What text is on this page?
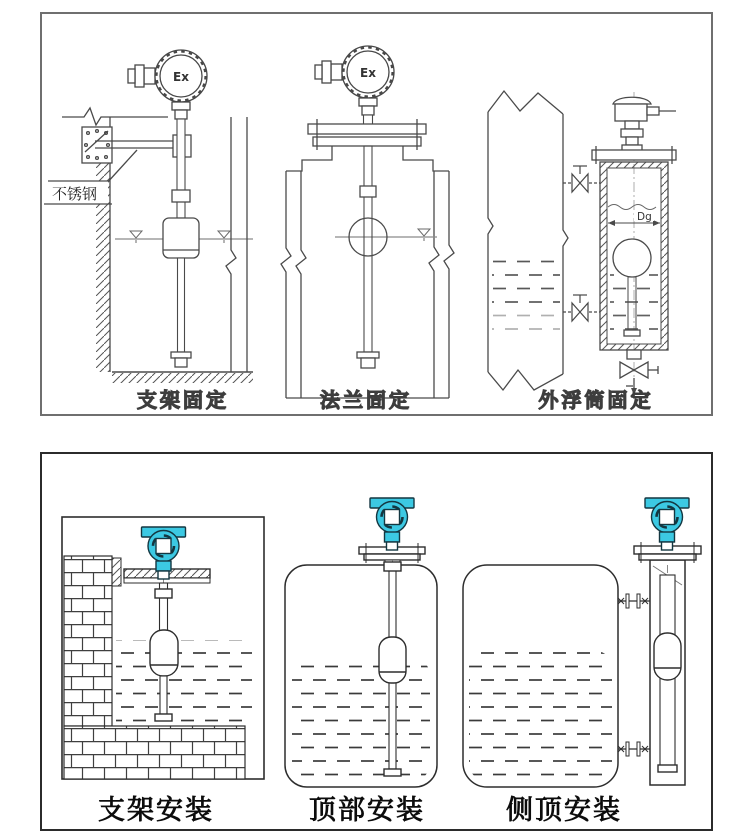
不锈钢
Dg
支架固定	法兰固定	外浮筒固定
支架安装	顶部安装	侧顶安装
